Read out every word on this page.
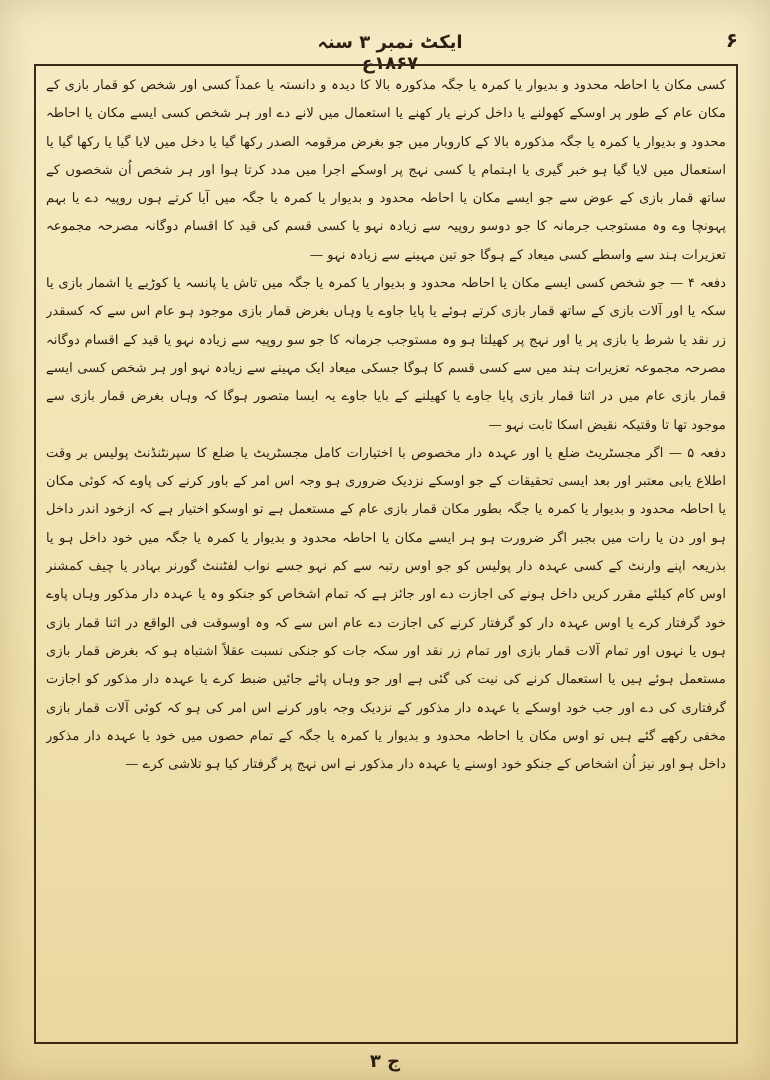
ایکٹ نمبر ۳ سنہ ۱۸۶۷ع
۶

کسی مکان یا احاطہ محدود و بدیوار یا کمرہ یا جگہ مذکورہ بالا کا دیدہ و دانستہ یا عمداً کسی اور شخص کو قمار بازی کے مکان عام کے طور پر اوسکے کھولنے یا داخل کرنے یار کھنے یا استعمال میں لانے دے اور ہر شخص کسی ایسے مکان یا احاطہ محدود و بدیوار یا کمرہ یا جگہ مذکورہ بالا کے کاروبار میں جو بغرض مرقومہ الصدر رکھا گیا یا دخل میں لایا گیا یا رکھا گیا یا استعمال میں لایا گیا ہو خبر گیری یا اہتمام یا کسی نہج پر اوسکے اجرا میں مدد کرتا ہوا اور ہر شخص اُن شخصوں کے ساتھ قمار بازی کے عوض سے جو ایسے مکان یا احاطہ محدود و بدیوار یا کمرہ یا جگہ میں آیا کرتے ہوں روپیہ دے یا بہم پہونچا وے وہ مستوجب جرمانہ کا جو دوسو روپیہ سے زیادہ نہو یا کسی قسم کی قید کا اقسام دوگانہ مصرحہ مجموعہ تعزیرات ہند سے واسطے کسی میعاد کے ہوگا جو تین مہینے سے زیادہ نہو —

دفعہ ۴ — جو شخص کسی ایسے مکان یا احاطہ محدود و بدیوار یا کمرہ یا جگہ میں تاش یا پانسہ یا کوڑیے یا اشمار بازی یا سکہ یا اور آلات بازی کے ساتھ قمار بازی کرتے ہوئے یا پایا جاوے یا وہاں بغرض قمار بازی موجود ہو عام اس سے کہ کسقدر زر نقد یا شرط یا بازی پر یا اور نہج پر کھیلتا ہو وہ مستوجب جرمانہ کا جو سو روپیہ سے زیادہ نہو یا قید کے اقسام دوگانہ مصرحہ مجموعہ تعزیرات ہند میں سے کسی قسم کا ہوگا جسکی میعاد ایک مہینے سے زیادہ نہو اور ہر شخص کسی ایسے قمار بازی عام میں در اثنا قمار بازی پایا جاوے یا کھیلنے کے بایا جاوے یہ ایسا متصور ہوگا کہ وہاں بغرض قمار بازی سے موجود تھا تا وقتیکہ نقیض اسکا ثابت نہو —

دفعہ ۵ — اگر مجسٹریٹ ضلع یا اور عہدہ دار مخصوص با اختیارات کامل مجسٹریٹ یا ضلع کا سپرنٹنڈنٹ پولیس بر وقت اطلاع یابی معتبر اور بعد ایسی تحقیقات کے جو اوسکے نزدیک ضروری ہو وجہ اس امر کے باور کرنے کی پاوے کہ کوئی مکان یا احاطہ محدود و بدیوار یا کمرہ یا جگہ بطور مکان قمار بازی عام کے مستعمل ہے تو اوسکو اختیار ہے کہ ازخود اندر داخل ہو اور دن یا رات میں بجبر اگر ضرورت ہو ہر ایسے مکان یا احاطہ محدود و بدیوار یا کمرہ یا جگہ میں خود داخل ہو یا بذریعہ اپنے وارنٹ کے کسی عہدہ دار پولیس کو جو اوس رتبہ سے کم نہو جسے نواب لفٹننٹ گورنر بہادر یا چیف کمشنر اوس کام کیلئے مقرر کریں داخل ہونے کی اجازت دے اور جائز ہے کہ تمام اشخاص کو جنکو وہ یا عہدہ دار مذکور وہاں پاوے خود گرفتار کرے یا اوس عہدہ دار کو گرفتار کرنے کی اجازت دے عام اس سے کہ وہ اوسوقت فی الواقع در اثنا قمار بازی ہوں یا نہوں اور تمام آلات قمار بازی اور تمام زر نقد اور سکہ جات کو جنکی نسبت عقلاً اشتباہ ہو کہ بغرض قمار بازی مستعمل ہوئے ہیں یا استعمال کرنے کی نیت کی گئی ہے اور جو وہاں پائے جائیں ضبط کرے یا عہدہ دار مذکور کو اجازت گرفتاری کی دے اور جب خود اوسکے یا عہدہ دار مذکور کے نزدیک وجہ باور کرنے اس امر کی ہو کہ کوئی آلات قمار بازی مخفی رکھے گئے ہیں تو اوس مکان یا احاطہ محدود و بدیوار یا کمرہ یا جگہ کے تمام حصوں میں خود یا عہدہ دار مذکور داخل ہو اور نیز اُن اشخاص کے جنکو خود اوسنے یا عہدہ دار مذکور نے اس نہج پر گرفتار کیا ہو تلاشی کرے —

ج ۳
